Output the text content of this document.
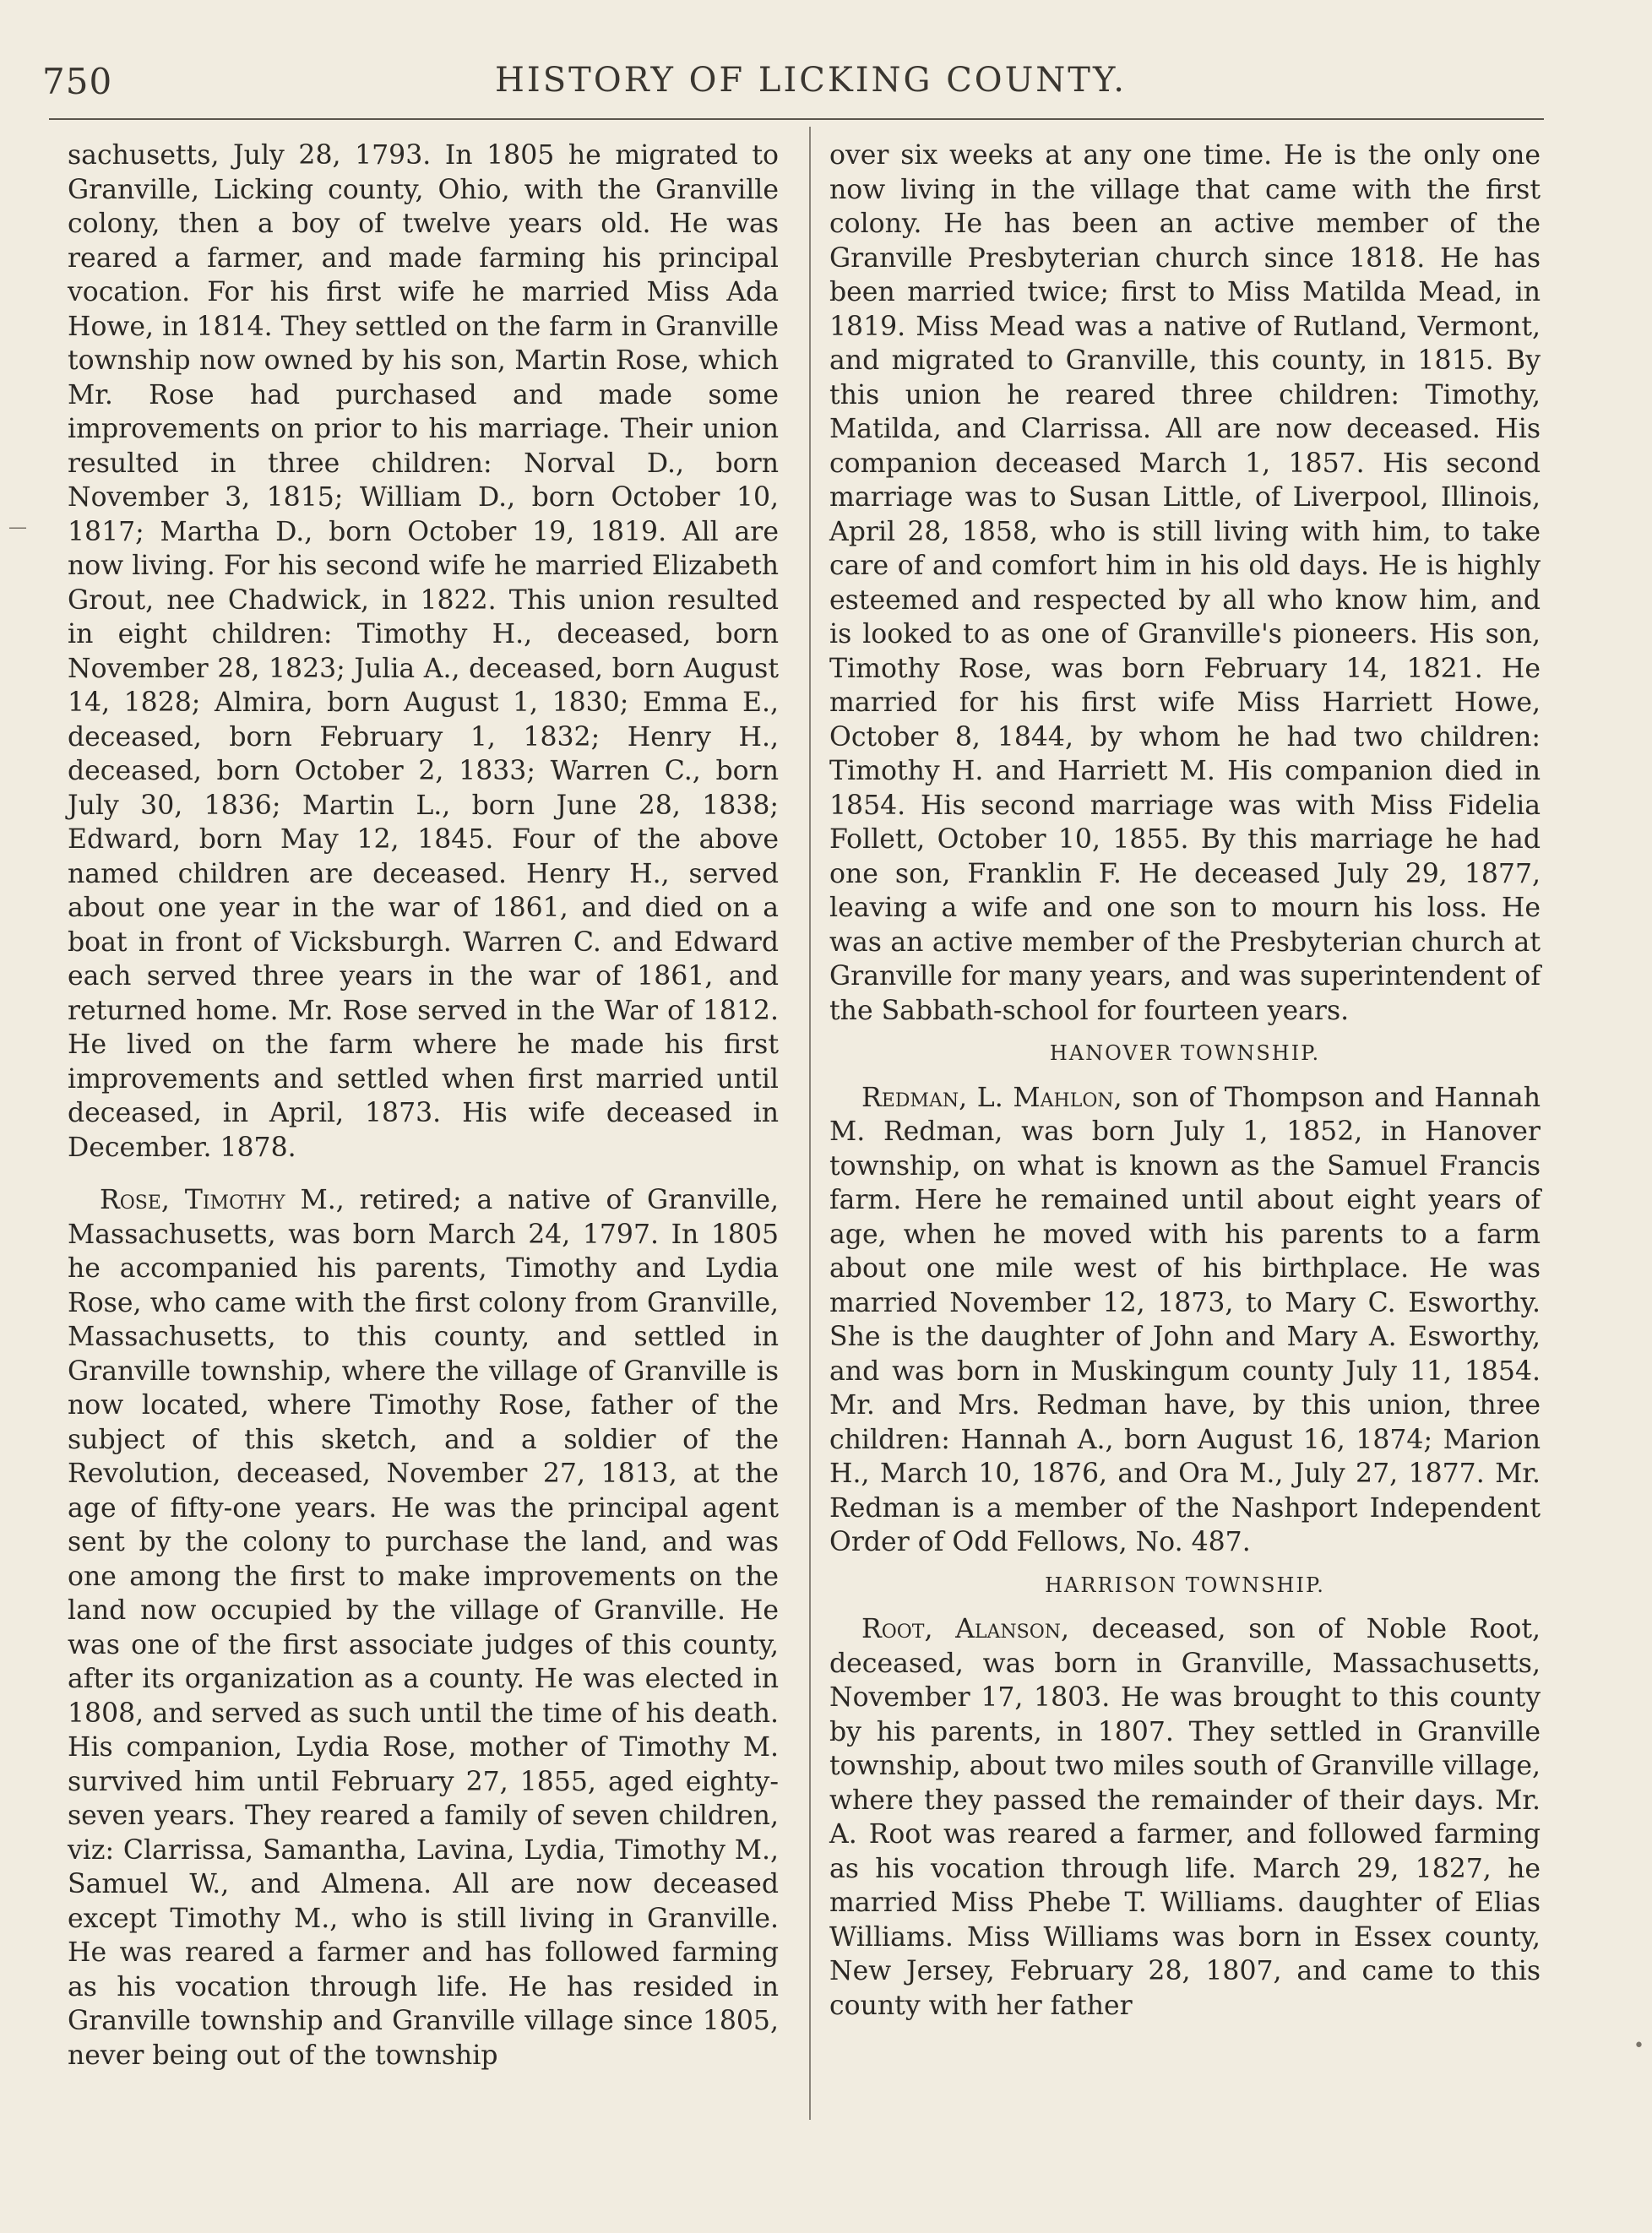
750	HISTORY OF LICKING COUNTY.

sachusetts, July 28, 1793. In 1805 he migrated to Granville, Licking county, Ohio, with the Granville colony, then a boy of twelve years old. He was reared a farmer, and made farming his principal vocation. For his first wife he married Miss Ada Howe, in 1814. They settled on the farm in Granville township now owned by his son, Martin Rose, which Mr. Rose had purchased and made some improvements on prior to his marriage. Their union resulted in three children: Norval D., born November 3, 1815; William D., born October 10, 1817; Martha D., born October 19, 1819. All are now living. For his second wife he married Elizabeth Grout, nee Chadwick, in 1822. This union resulted in eight children: Timothy H., deceased, born November 28, 1823; Julia A., deceased, born August 14, 1828; Almira, born August 1, 1830; Emma E., deceased, born February 1, 1832; Henry H., deceased, born October 2, 1833; Warren C., born July 30, 1836; Martin L., born June 28, 1838; Edward, born May 12, 1845. Four of the above named children are deceased. Henry H., served about one year in the war of 1861, and died on a boat in front of Vicksburgh. Warren C. and Edward each served three years in the war of 1861, and returned home. Mr. Rose served in the War of 1812. He lived on the farm where he made his first improvements and settled when first married until deceased, in April, 1873. His wife deceased in December. 1878.

Rose, Timothy M., retired; a native of Granville, Massachusetts, was born March 24, 1797. In 1805 he accompanied his parents, Timothy and Lydia Rose, who came with the first colony from Granville, Massachusetts, to this county, and settled in Granville township, where the village of Granville is now located, where Timothy Rose, father of the subject of this sketch, and a soldier of the Revolution, deceased, November 27, 1813, at the age of fifty-one years. He was the principal agent sent by the colony to purchase the land, and was one among the first to make improvements on the land now occupied by the village of Granville. He was one of the first associate judges of this county, after its organization as a county. He was elected in 1808, and served as such until the time of his death. His companion, Lydia Rose, mother of Timothy M. survived him until February 27, 1855, aged eighty-seven years. They reared a family of seven children, viz: Clarrissa, Samantha, Lavina, Lydia, Timothy M., Samuel W., and Almena. All are now deceased except Timothy M., who is still living in Granville. He was reared a farmer and has followed farming as his vocation through life. He has resided in Granville township and Granville village since 1805, never being out of the township

over six weeks at any one time. He is the only one now living in the village that came with the first colony. He has been an active member of the Granville Presbyterian church since 1818. He has been married twice; first to Miss Matilda Mead, in 1819. Miss Mead was a native of Rutland, Vermont, and migrated to Granville, this county, in 1815. By this union he reared three children: Timothy, Matilda, and Clarrissa. All are now deceased. His companion deceased March 1, 1857. His second marriage was to Susan Little, of Liverpool, Illinois, April 28, 1858, who is still living with him, to take care of and comfort him in his old days. He is highly esteemed and respected by all who know him, and is looked to as one of Granville's pioneers. His son, Timothy Rose, was born February 14, 1821. He married for his first wife Miss Harriett Howe, October 8, 1844, by whom he had two children: Timothy H. and Harriett M. His companion died in 1854. His second marriage was with Miss Fidelia Follett, October 10, 1855. By this marriage he had one son, Franklin F. He deceased July 29, 1877, leaving a wife and one son to mourn his loss. He was an active member of the Presbyterian church at Granville for many years, and was superintendent of the Sabbath-school for fourteen years.

HANOVER TOWNSHIP.

Redman, L. Mahlon, son of Thompson and Hannah M. Redman, was born July 1, 1852, in Hanover township, on what is known as the Samuel Francis farm. Here he remained until about eight years of age, when he moved with his parents to a farm about one mile west of his birthplace. He was married November 12, 1873, to Mary C. Esworthy. She is the daughter of John and Mary A. Esworthy, and was born in Muskingum county July 11, 1854. Mr. and Mrs. Redman have, by this union, three children: Hannah A., born August 16, 1874; Marion H., March 10, 1876, and Ora M., July 27, 1877. Mr. Redman is a member of the Nashport Independent Order of Odd Fellows, No. 487.

HARRISON TOWNSHIP.

Root, Alanson, deceased, son of Noble Root, deceased, was born in Granville, Massachusetts, November 17, 1803. He was brought to this county by his parents, in 1807. They settled in Granville township, about two miles south of Granville village, where they passed the remainder of their days. Mr. A. Root was reared a farmer, and followed farming as his vocation through life. March 29, 1827, he married Miss Phebe T. Williams. daughter of Elias Williams. Miss Williams was born in Essex county, New Jersey, February 28, 1807, and came to this county with her father

—
•
